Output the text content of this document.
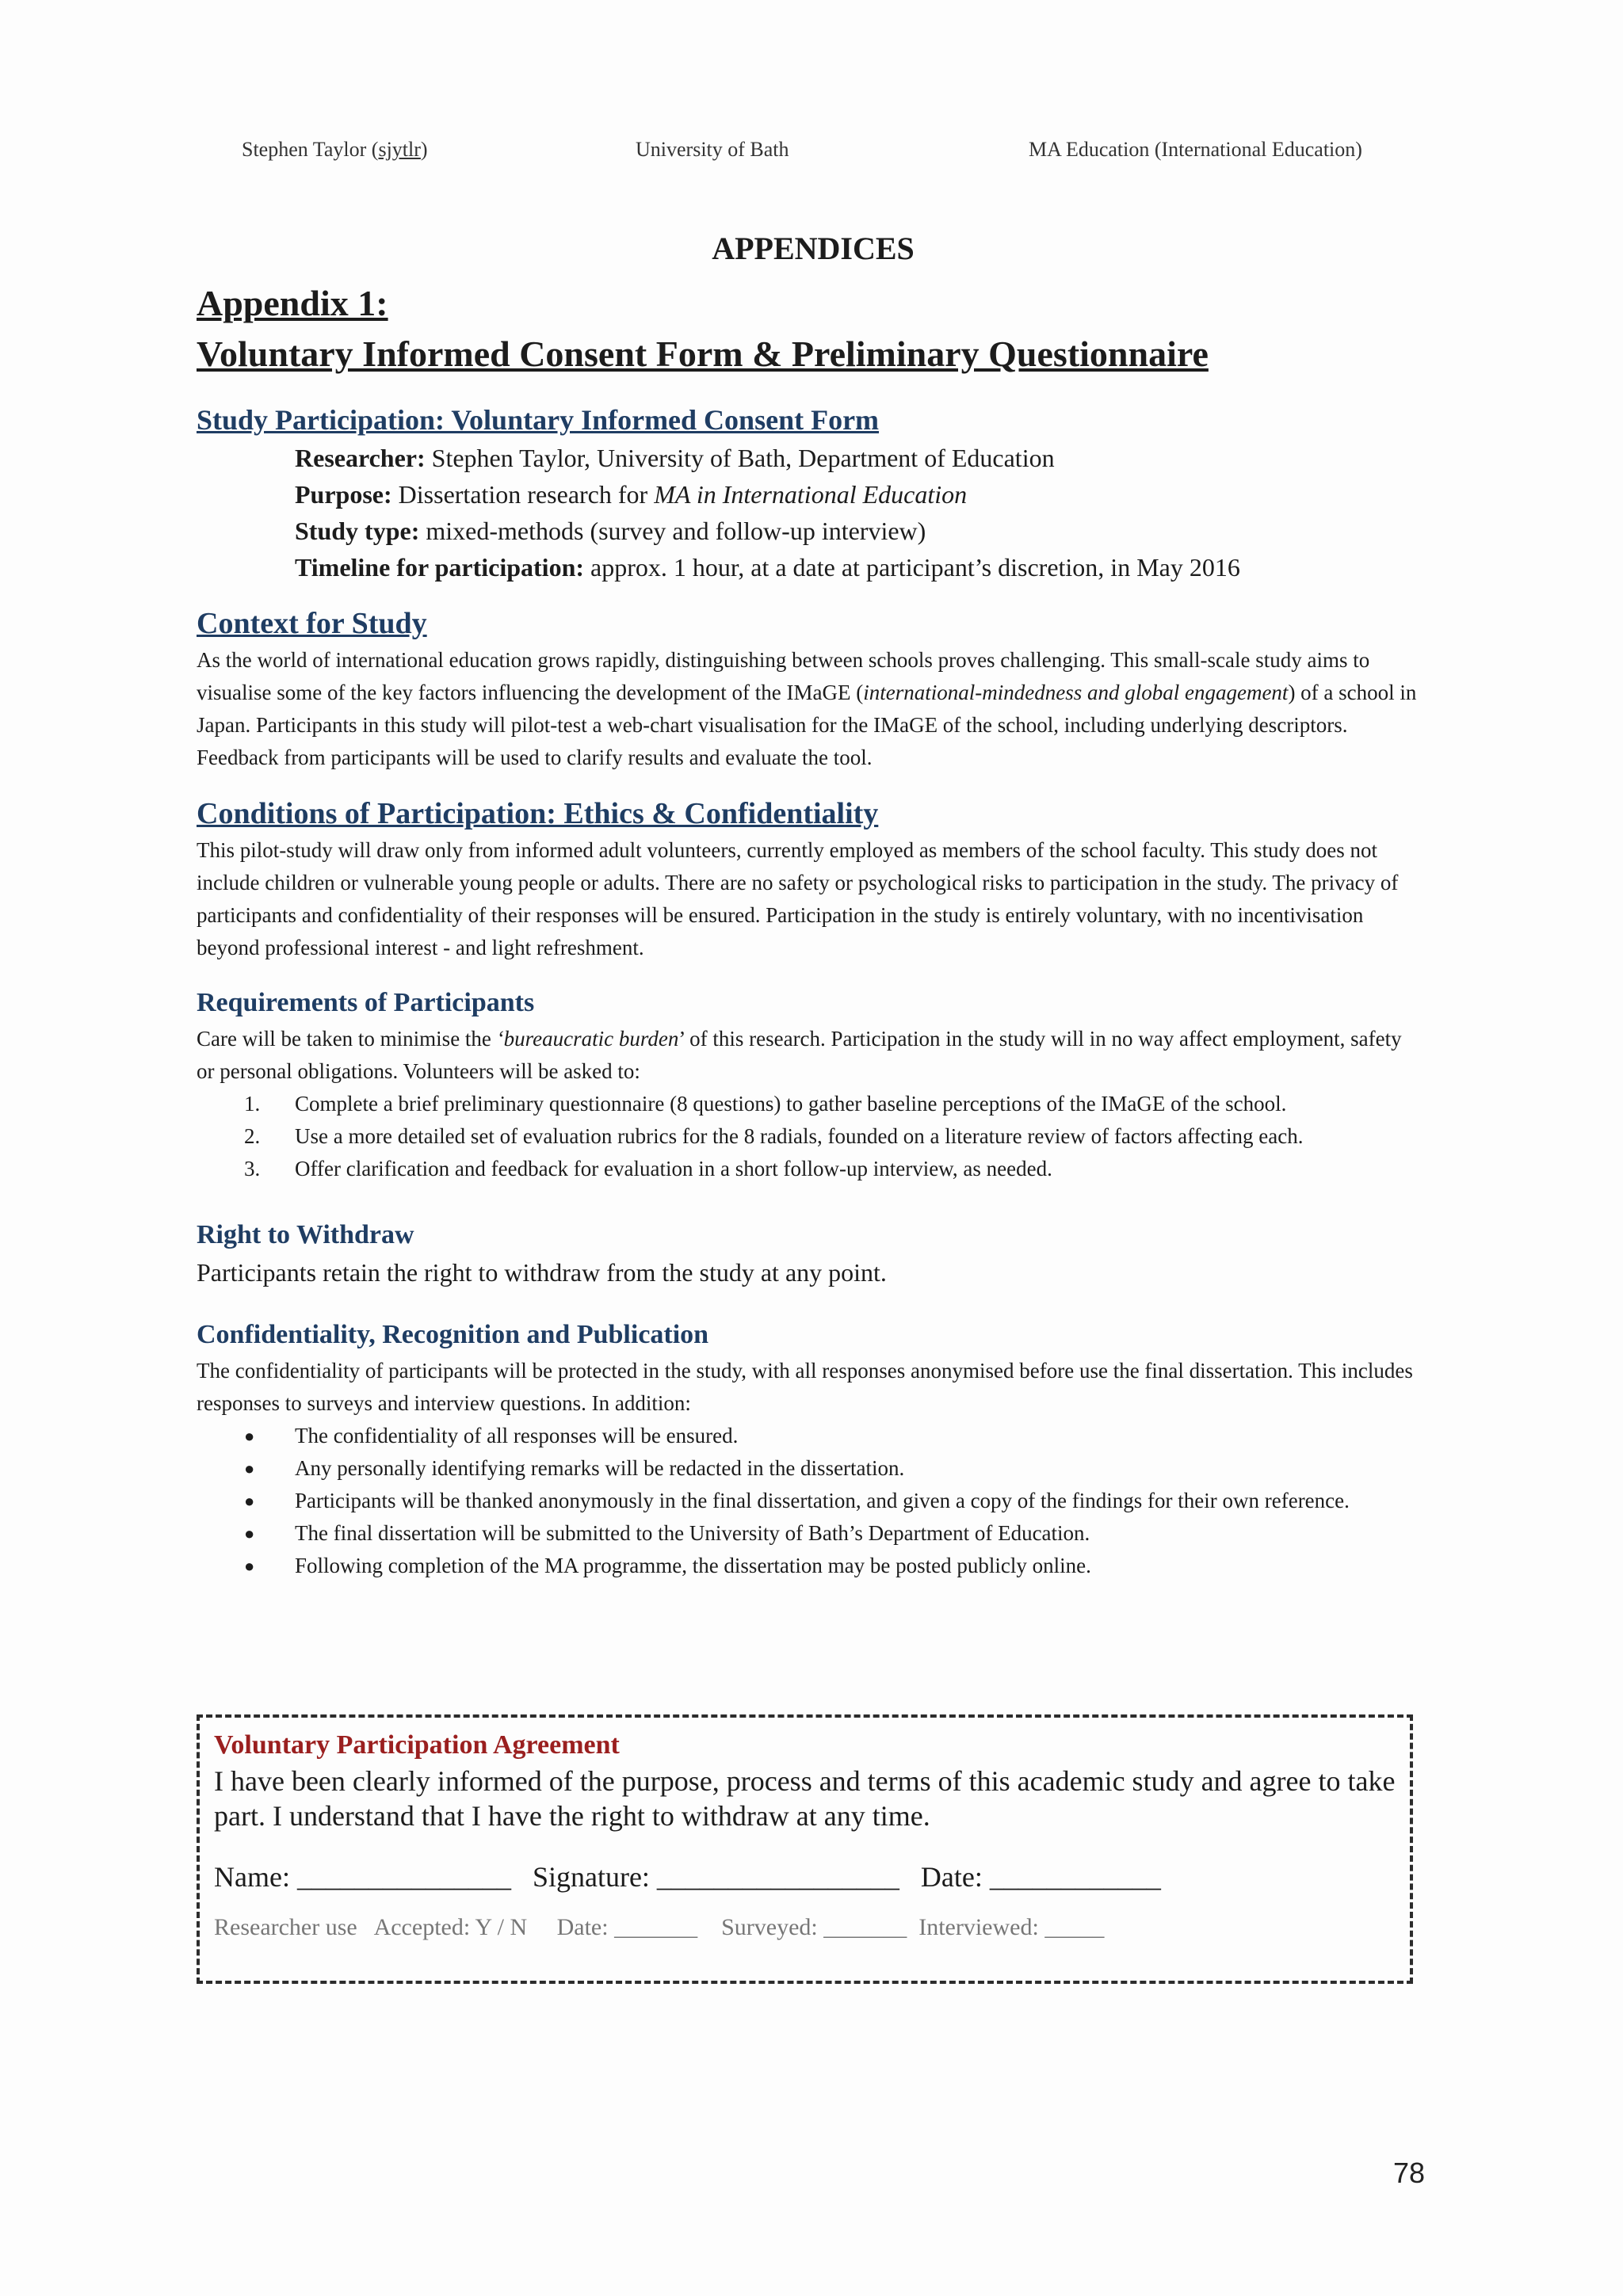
Stephen Taylor (sjytlr)	University of Bath	MA Education (International Education)
APPENDICES
Appendix 1:
Voluntary Informed Consent Form & Preliminary Questionnaire
Study Participation: Voluntary Informed Consent Form
Researcher: Stephen Taylor, University of Bath, Department of Education
Purpose: Dissertation research for MA in International Education
Study type: mixed-methods (survey and follow-up interview)
Timeline for participation: approx. 1 hour, at a date at participant’s discretion, in May 2016
Context for Study

As the world of international education grows rapidly, distinguishing between schools proves challenging. This small-scale study aims to visualise some of the key factors influencing the development of the IMaGE (international-mindedness and global engagement) of a school in Japan. Participants in this study will pilot-test a web-chart visualisation for the IMaGE of the school, including underlying descriptors. Feedback from participants will be used to clarify results and evaluate the tool.

Conditions of Participation: Ethics & Confidentiality

This pilot-study will draw only from informed adult volunteers, currently employed as members of the school faculty. This study does not include children or vulnerable young people or adults. There are no safety or psychological risks to participation in the study. The privacy of participants and confidentiality of their responses will be ensured. Participation in the study is entirely voluntary, with no incentivisation beyond professional interest - and light refreshment.

Requirements of Participants

Care will be taken to minimise the ‘bureaucratic burden’ of this research. Participation in the study will in no way affect employment, safety or personal obligations. Volunteers will be asked to:

1. Complete a brief preliminary questionnaire (8 questions) to gather baseline perceptions of the IMaGE of the school.
2. Use a more detailed set of evaluation rubrics for the 8 radials, founded on a literature review of factors affecting each.
3. Offer clarification and feedback for evaluation in a short follow-up interview, as needed.
Right to Withdraw

Participants retain the right to withdraw from the study at any point.

Confidentiality, Recognition and Publication

The confidentiality of participants will be protected in the study, with all responses anonymised before use the final dissertation. This includes responses to surveys and interview questions. In addition:

● The confidentiality of all responses will be ensured.
● Any personally identifying remarks will be redacted in the dissertation.
● Participants will be thanked anonymously in the final dissertation, and given a copy of the findings for their own reference.
● The final dissertation will be submitted to the University of Bath’s Department of Education.
● Following completion of the MA programme, the dissertation may be posted publicly online.
Voluntary Participation Agreement

I have been clearly informed of the purpose, process and terms of this academic study and agree to take part. I understand that I have the right to withdraw at any time.

Name: _______________   Signature: _________________   Date: ____________
Researcher use   Accepted: Y / N     Date: _______    Surveyed: _______  Interviewed: _____
78
